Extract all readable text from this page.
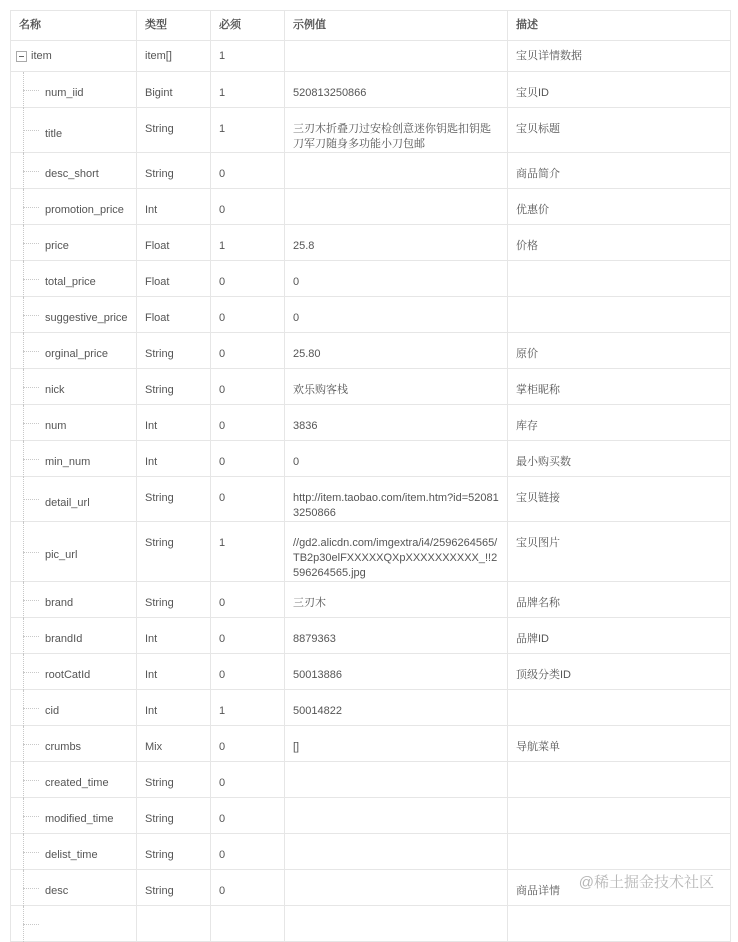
名称	类型	必须	示例值	描述

item	item[]	1		宝贝详情数据

num_iid	Bigint	1	520813250866	宝贝ID

title	String	1	三刃木折叠刀过安检创意迷你钥匙扣钥匙刀军刀随身多功能小刀包邮	宝贝标题

desc_short	String	0		商品简介

promotion_price	Int	0		优惠价

price	Float	1	25.8	价格

total_price	Float	0	0	

suggestive_price	Float	0	0	

orginal_price	String	0	25.80	原价

nick	String	0	欢乐购客栈	掌柜昵称

num	Int	0	3836	库存

min_num	Int	0	0	最小购买数

detail_url	String	0	http://item.taobao.com/item.htm?id=520813250866	宝贝链接

pic_url	String	1	//gd2.alicdn.com/imgextra/i4/2596264565/TB2p30elFXXXXXQXpXXXXXXXXXX_!!2596264565.jpg	宝贝图片

brand	String	0	三刃木	品牌名称

brandId	Int	0	8879363	品牌ID

rootCatId	Int	0	50013886	顶级分类ID

cid	Int	1	50014822	

crumbs	Mix	0	[]	导航菜单

created_time	String	0		

modified_time	String	0		

delist_time	String	0		

desc	String	0		商品详情

				@稀土掘金技术社区
